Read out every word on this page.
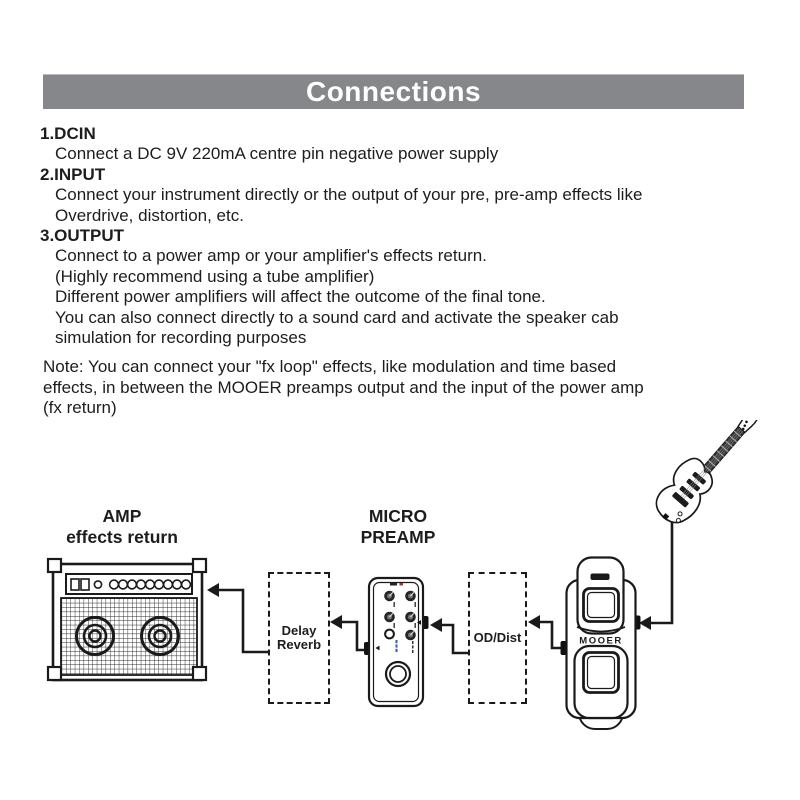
Connections
1.DCIN
Connect a DC 9V 220mA centre pin negative power supply
2.INPUT
Connect your instrument directly or the output of your pre, pre-amp effects like
Overdrive, distortion, etc.
3.OUTPUT
Connect to a power amp or your amplifier's effects return.
(Highly recommend using a tube amplifier)
Different power amplifiers will affect the outcome of the final tone.
You can also connect directly to a sound card and activate the speaker cab
simulation for recording purposes
Note: You can connect your "fx loop" effects, like modulation and time based
effects, in between the MOOER preamps output and the input of the power amp
(fx return)
AMP
effects return
MICRO
PREAMP
Delay
Reverb	OD/Dist	MOOER
